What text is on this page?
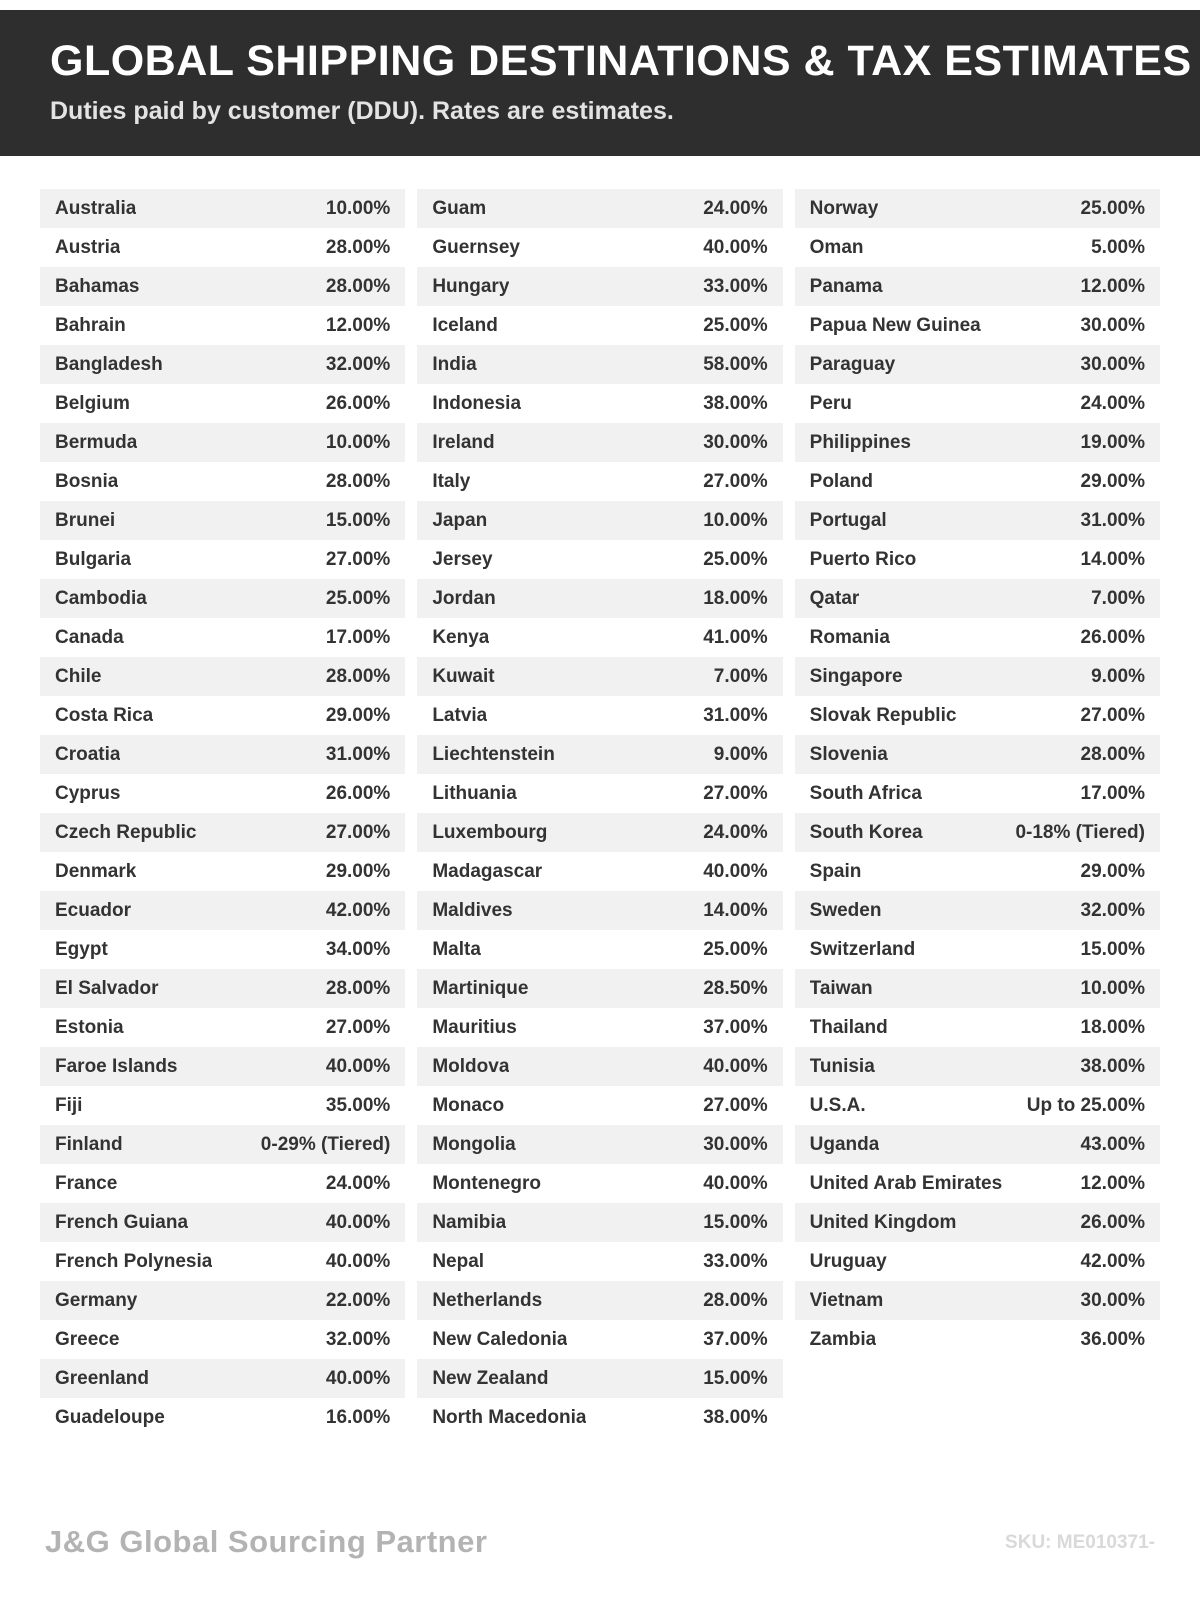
GLOBAL SHIPPING DESTINATIONS & TAX ESTIMATES

Duties paid by customer (DDU). Rates are estimates.

Australia	10.00%
Austria	28.00%
Bahamas	28.00%
Bahrain	12.00%
Bangladesh	32.00%
Belgium	26.00%
Bermuda	10.00%
Bosnia	28.00%
Brunei	15.00%
Bulgaria	27.00%
Cambodia	25.00%
Canada	17.00%
Chile	28.00%
Costa Rica	29.00%
Croatia	31.00%
Cyprus	26.00%
Czech Republic	27.00%
Denmark	29.00%
Ecuador	42.00%
Egypt	34.00%
El Salvador	28.00%
Estonia	27.00%
Faroe Islands	40.00%
Fiji	35.00%
Finland	0-29% (Tiered)
France	24.00%
French Guiana	40.00%
French Polynesia	40.00%
Germany	22.00%
Greece	32.00%
Greenland	40.00%
Guadeloupe	16.00%
Guam	24.00%
Guernsey	40.00%
Hungary	33.00%
Iceland	25.00%
India	58.00%
Indonesia	38.00%
Ireland	30.00%
Italy	27.00%
Japan	10.00%
Jersey	25.00%
Jordan	18.00%
Kenya	41.00%
Kuwait	7.00%
Latvia	31.00%
Liechtenstein	9.00%
Lithuania	27.00%
Luxembourg	24.00%
Madagascar	40.00%
Maldives	14.00%
Malta	25.00%
Martinique	28.50%
Mauritius	37.00%
Moldova	40.00%
Monaco	27.00%
Mongolia	30.00%
Montenegro	40.00%
Namibia	15.00%
Nepal	33.00%
Netherlands	28.00%
New Caledonia	37.00%
New Zealand	15.00%
North Macedonia	38.00%
Norway	25.00%
Oman	5.00%
Panama	12.00%
Papua New Guinea	30.00%
Paraguay	30.00%
Peru	24.00%
Philippines	19.00%
Poland	29.00%
Portugal	31.00%
Puerto Rico	14.00%
Qatar	7.00%
Romania	26.00%
Singapore	9.00%
Slovak Republic	27.00%
Slovenia	28.00%
South Africa	17.00%
South Korea	0-18% (Tiered)
Spain	29.00%
Sweden	32.00%
Switzerland	15.00%
Taiwan	10.00%
Thailand	18.00%
Tunisia	38.00%
U.S.A.	Up to 25.00%
Uganda	43.00%
United Arab Emirates	12.00%
United Kingdom	26.00%
Uruguay	42.00%
Vietnam	30.00%
Zambia	36.00%
J&G Global Sourcing Partner	SKU: ME010371-
